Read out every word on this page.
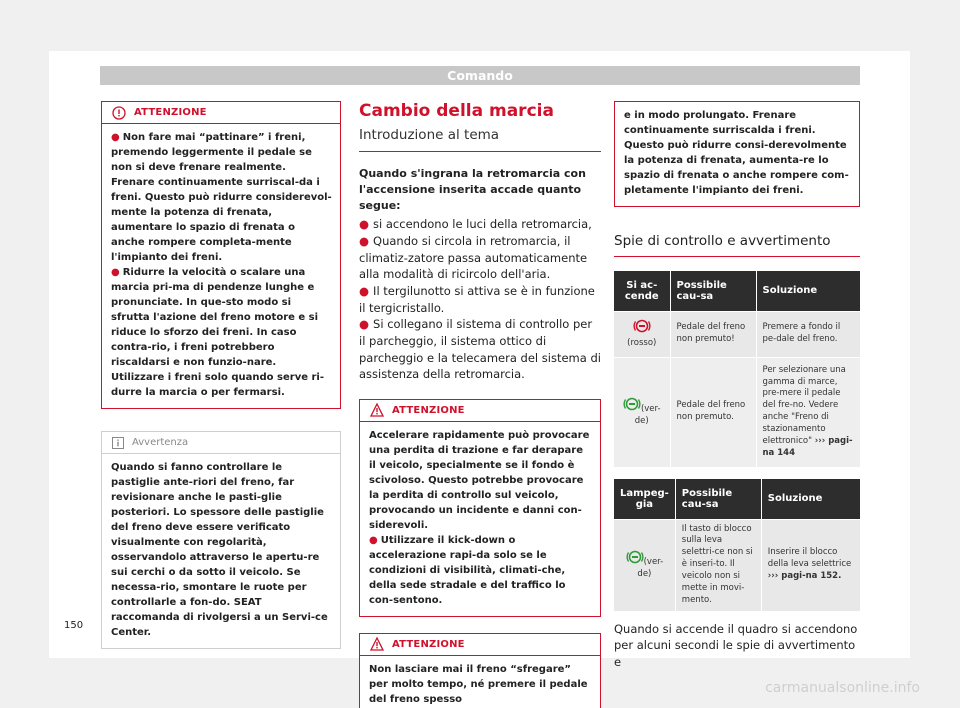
Comando
ATTENZIONE
● Non fare mai “pattinare” i freni, premendo leggermente il pedale se non si deve frenare realmente. Frenare continuamente surriscal-da i freni. Questo può ridurre considerevol-mente la potenza di frenata, aumentare lo spazio di frenata o anche rompere completa-mente l'impianto dei freni.
● Ridurre la velocità o scalare una marcia pri-ma di pendenze lunghe e pronunciate. In que-sto modo si sfrutta l'azione del freno motore e si riduce lo sforzo dei freni. In caso contra-rio, i freni potrebbero riscaldarsi e non funzio-nare. Utilizzare i freni solo quando serve ri-durre la marcia o per fermarsi.
Avvertenza
Quando si fanno controllare le pastiglie ante-riori del freno, far revisionare anche le pasti-glie posteriori. Lo spessore delle pastiglie del freno deve essere verificato visualmente con regolarità, osservandolo attraverso le apertu-re sui cerchi o da sotto il veicolo. Se necessa-rio, smontare le ruote per controllarle a fon-do. SEAT raccomanda di rivolgersi a un Servi-ce Center.
Cambio della marcia
Introduzione al tema
Quando s'ingrana la retromarcia con l'accensione inserita accade quanto segue:
● si accendono le luci della retromarcia,
● Quando si circola in retromarcia, il climatiz-zatore passa automaticamente alla modalità di ricircolo dell'aria.
● Il tergilunotto si attiva se è in funzione il tergicristallo.
● Si collegano il sistema di controllo per il parcheggio, il sistema ottico di parcheggio e la telecamera del sistema di assistenza della retromarcia.
ATTENZIONE
Accelerare rapidamente può provocare una perdita di trazione e far derapare il veicolo, specialmente se il fondo è scivoloso. Questo potrebbe provocare la perdita di controllo sul veicolo, provocando un incidente e danni con-siderevoli.
● Utilizzare il kick-down o accelerazione rapi-da solo se le condizioni di visibilità, climati-che, della sede stradale e del traffico lo con-sentono.
ATTENZIONE
Non lasciare mai il freno “sfregare” per molto tempo, né premere il pedale del freno spesso
e in modo prolungato. Frenare continuamente surriscalda i freni. Questo può ridurre consi-derevolmente la potenza di frenata, aumenta-re lo spazio di frenata o anche rompere com-pletamente l'impianto dei freni.
Spie di controllo e avvertimento
Si ac-cende	Possibile cau-sa	Soluzione

(rosso)	Pedale del freno non premuto!	Premere a fondo il pe-dale del freno.
(ver-de)	Pedale del freno non premuto.	Per selezionare una gamma di marce, pre-mere il pedale del fre-no. Vedere anche "Freno di stazionamento elettronico" ››› pagi-na 144
Lampeg-gia	Possibile cau-sa	Soluzione
(ver-de)	Il tasto di blocco sulla leva selettri-ce non si è inseri-to. Il veicolo non si mette in movi-mento.	Inserire il blocco della leva selettrice ››› pagi-na 152.
Quando si accende il quadro si accendono per alcuni secondi le spie di avvertimento e
150
carmanualsonline.info
